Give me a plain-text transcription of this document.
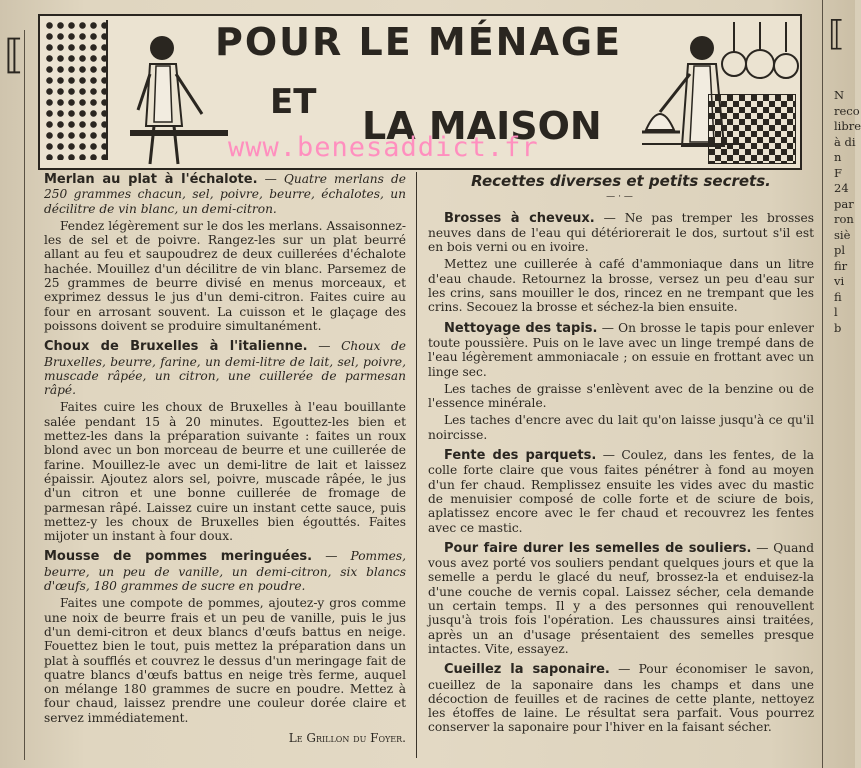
⟦	⟦
POUR LE MÉNAGE
ET
LA MAISON
www.benesaddict.fr

Merlan au plat à l'échalote. — Quatre merlans de 250 grammes chacun, sel, poivre, beurre, échalotes, un décilitre de vin blanc, un demi-citron.

Fendez légèrement sur le dos les merlans. Assaisonnez-les de sel et de poivre. Rangez-les sur un plat beurré allant au feu et saupoudrez de deux cuillerées d'échalote hachée. Mouillez d'un décilitre de vin blanc. Parsemez de 25 grammes de beurre divisé en menus morceaux, et exprimez dessus le jus d'un demi-citron. Faites cuire au four en arrosant souvent. La cuisson et le glaçage des poissons doivent se produire simultanément.

Choux de Bruxelles à l'italienne. — Choux de Bruxelles, beurre, farine, un demi-litre de lait, sel, poivre, muscade râpée, un citron, une cuillerée de parmesan râpé.

Faites cuire les choux de Bruxelles à l'eau bouillante salée pendant 15 à 20 minutes. Egouttez-les bien et mettez-les dans la préparation suivante : faites un roux blond avec un bon morceau de beurre et une cuillerée de farine. Mouillez-le avec un demi-litre de lait et laissez épaissir. Ajoutez alors sel, poivre, muscade râpée, le jus d'un citron et une bonne cuillerée de fromage de parmesan râpé. Laissez cuire un instant cette sauce, puis mettez-y les choux de Bruxelles bien égouttés. Faites mijoter un instant à four doux.

Mousse de pommes meringuées. — Pommes, beurre, un peu de vanille, un demi-citron, six blancs d'œufs, 180 grammes de sucre en poudre.

Faites une compote de pommes, ajoutez-y gros comme une noix de beurre frais et un peu de vanille, puis le jus d'un demi-citron et deux blancs d'œufs battus en neige. Fouettez bien le tout, puis mettez la préparation dans un plat à soufflés et couvrez le dessus d'un meringage fait de quatre blancs d'œufs battus en neige très ferme, auquel on mélange 180 grammes de sucre en poudre. Mettez à four chaud, laissez prendre une couleur dorée claire et servez immédiatement.

Le Grillon du Foyer.
Recettes diverses et petits secrets.
—·—

Brosses à cheveux. — Ne pas tremper les brosses neuves dans de l'eau qui détériorerait le dos, surtout s'il est en bois verni ou en ivoire.

Mettez une cuillerée à café d'ammoniaque dans un litre d'eau chaude. Retournez la brosse, versez un peu d'eau sur les crins, sans mouiller le dos, rincez en ne trempant que les crins. Secouez la brosse et séchez-la bien ensuite.

Nettoyage des tapis. — On brosse le tapis pour enlever toute poussière. Puis on le lave avec un linge trempé dans de l'eau légèrement ammoniacale ; on essuie en frottant avec un linge sec.

Les taches de graisse s'enlèvent avec de la benzine ou de l'essence minérale.

Les taches d'encre avec du lait qu'on laisse jusqu'à ce qu'il noircisse.

Fente des parquets. — Coulez, dans les fentes, de la colle forte claire que vous faites pénétrer à fond au moyen d'un fer chaud. Remplissez ensuite les vides avec du mastic de menuisier composé de colle forte et de sciure de bois, aplatissez encore avec le fer chaud et recouvrez les fentes avec ce mastic.

Pour faire durer les semelles de souliers. — Quand vous avez porté vos souliers pendant quelques jours et que la semelle a perdu le glacé du neuf, brossez-la et enduisez-la d'une couche de vernis copal. Laissez sécher, cela demande un certain temps. Il y a des personnes qui renouvellent jusqu'à trois fois l'opération. Les chaussures ainsi traitées, après un an d'usage présentaient des semelles presque intactes. Vite, essayez.

Cueillez la saponaire. — Pour économiser le savon, cueillez de la saponaire dans les champs et dans une décoction de feuilles et de racines de cette plante, nettoyez les étoffes de laine. Le résultat sera parfait. Vous pourrez conserver la saponaire pour l'hiver en la faisant sécher.

N
reco
libre
à di
n
F
24
par
ron
siè
pl
fir
vi
fi
l
b
